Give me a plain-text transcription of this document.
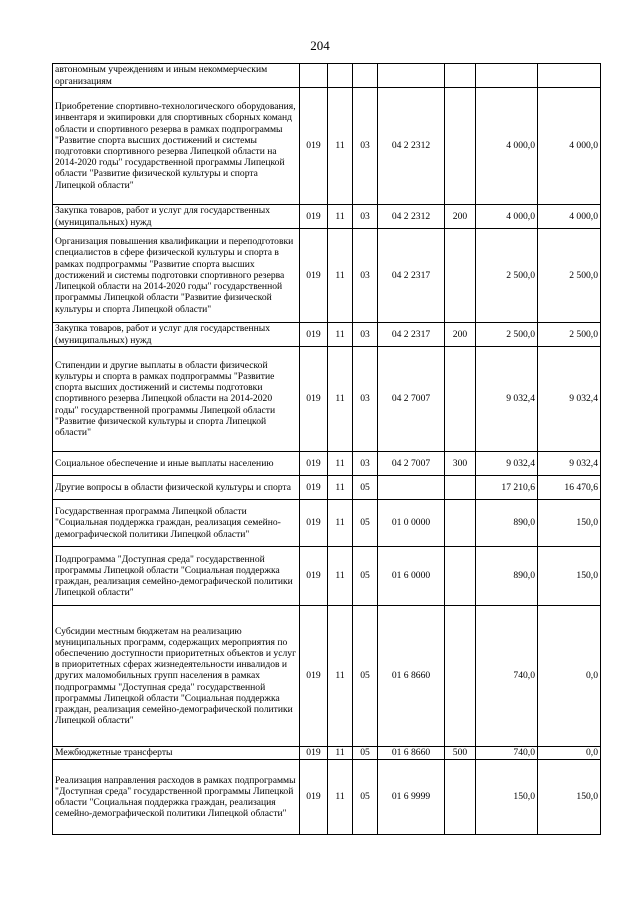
204
автономным учреждениям и иным некоммерческим организациям							
Приобретение спортивно-технологического оборудования, инвентаря и экипировки для спортивных сборных команд области и спортивного резерва в рамках подпрограммы "Развитие спорта высших достижений и системы подготовки спортивного резерва Липецкой области на 2014-2020 годы" государственной программы Липецкой области "Развитие физической культуры и спорта Липецкой области"	019	11	03	04 2 2312		4 000,0	4 000,0
Закупка товаров, работ и услуг для государственных (муниципальных) нужд	019	11	03	04 2 2312	200	4 000,0	4 000,0
Организация повышения квалификации и переподготовки специалистов в сфере физической культуры и спорта в рамках подпрограммы "Развитие спорта высших достижений и системы подготовки спортивного резерва Липецкой области на 2014-2020 годы" государственной программы Липецкой области "Развитие физической культуры и спорта Липецкой области"	019	11	03	04 2 2317		2 500,0	2 500,0
Закупка товаров, работ и услуг для государственных (муниципальных) нужд	019	11	03	04 2 2317	200	2 500,0	2 500,0
Стипендии и другие выплаты в области физической культуры и спорта в рамках подпрограммы "Развитие спорта высших достижений и системы подготовки спортивного резерва Липецкой области на 2014-2020 годы" государственной программы Липецкой области "Развитие физической культуры и спорта Липецкой области"	019	11	03	04 2 7007		9 032,4	9 032,4
Социальное обеспечение и иные выплаты населению	019	11	03	04 2 7007	300	9 032,4	9 032,4
Другие вопросы в области физической культуры и спорта	019	11	05			17 210,6	16 470,6
Государственная программа Липецкой области "Социальная поддержка граждан, реализация семейно-демографической политики Липецкой области"	019	11	05	01 0 0000		890,0	150,0
Подпрограмма "Доступная среда" государственной программы Липецкой области "Социальная поддержка граждан, реализация семейно-демографической политики Липецкой области"	019	11	05	01 6 0000		890,0	150,0
Субсидии местным бюджетам на реализацию муниципальных программ, содержащих мероприятия по обеспечению доступности приоритетных объектов и услуг в приоритетных сферах жизнедеятельности инвалидов и других маломобильных групп населения в рамках подпрограммы "Доступная среда" государственной программы Липецкой области "Социальная поддержка граждан, реализация семейно-демографической политики Липецкой области"	019	11	05	01 6 8660		740,0	0,0
Межбюджетные трансферты	019	11	05	01 6 8660	500	740,0	0,0
Реализация направления расходов в рамках подпрограммы "Доступная среда" государственной программы Липецкой области "Социальная поддержка граждан, реализация семейно-демографической политики Липецкой области"	019	11	05	01 6 9999		150,0	150,0
